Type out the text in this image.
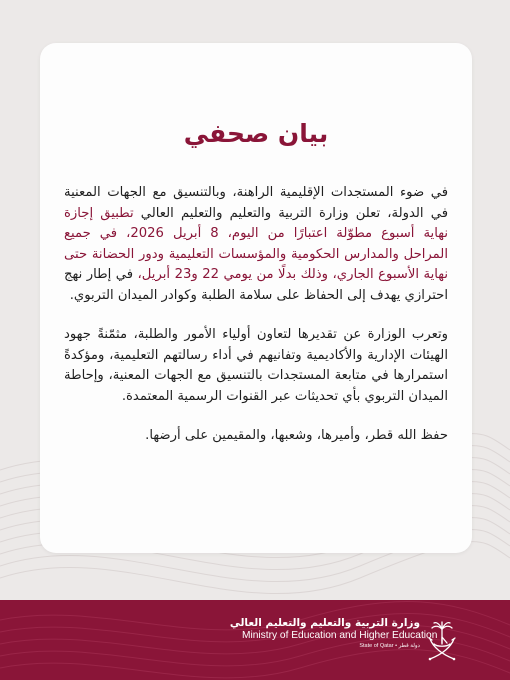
بيان صحفي

في ضوء المستجدات الإقليمية الراهنة، وبالتنسيق مع الجهات المعنية في الدولة، تعلن وزارة التربية والتعليم والتعليم العالي تطبيق إجازة نهاية أسبوع مطوّلة اعتبارًا من اليوم، 8 أبريل 2026، في جميع المراحل والمدارس الحكومية والمؤسسات التعليمية ودور الحضانة حتى نهاية الأسبوع الجاري، وذلك بدلًا من يومي 22 و23 أبريل، في إطار نهج احترازي يهدف إلى الحفاظ على سلامة الطلبة وكوادر الميدان التربوي.

وتعرب الوزارة عن تقديرها لتعاون أولياء الأمور والطلبة، مثمّنةً جهود الهيئات الإدارية والأكاديمية وتفانيهم في أداء رسالتهم التعليمية، ومؤكدةً استمرارها في متابعة المستجدات بالتنسيق مع الجهات المعنية، وإحاطة الميدان التربوي بأي تحديثات عبر القنوات الرسمية المعتمدة.

حفظ الله قطر، وأميرها، وشعبها، والمقيمين على أرضها.

وزارة التربية والتعليم والتعليم العالي
Ministry of Education and Higher Education
State of Qatar • دولة قطر
